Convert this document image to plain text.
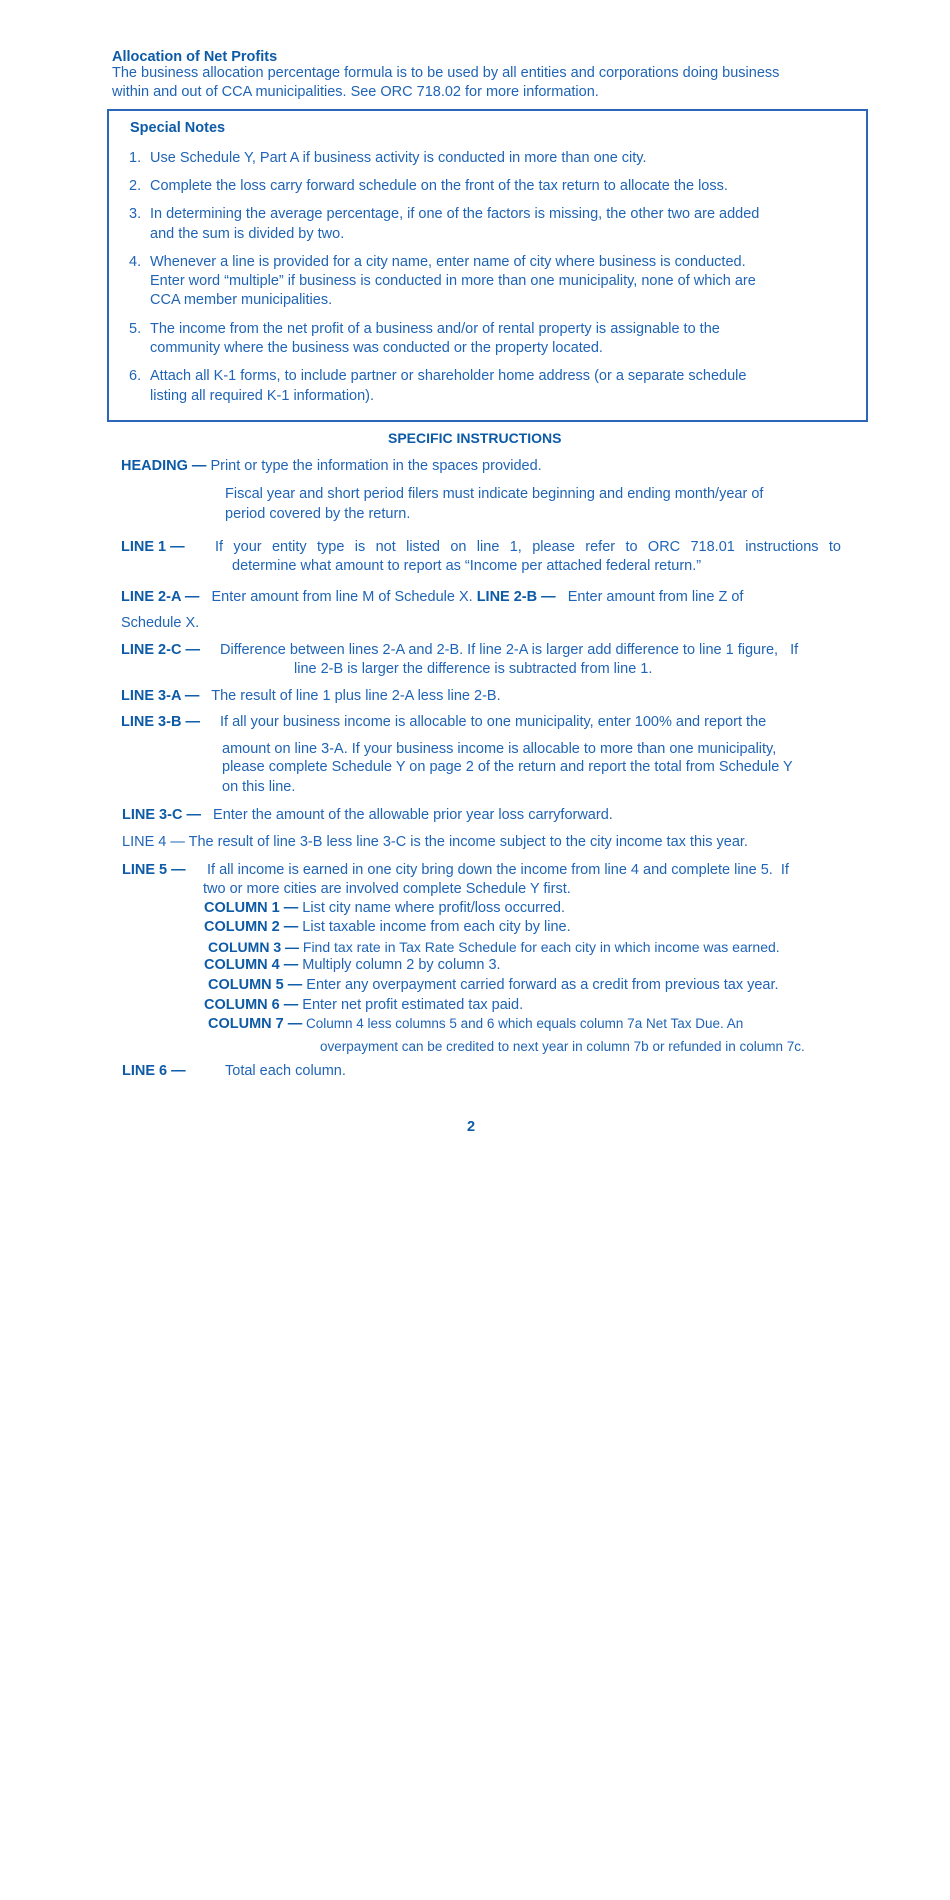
Allocation of Net Profits
The business allocation percentage formula is to be used by all entities and corporations doing business
within and out of CCA municipalities. See ORC 718.02 for more information.
Special Notes
1. Use Schedule Y, Part A if business activity is conducted in more than one city.
2. Complete the loss carry forward schedule on the front of the tax return to allocate the loss.
3. In determining the average percentage, if one of the factors is missing, the other two are added
and the sum is divided by two.
4. Whenever a line is provided for a city name, enter name of city where business is conducted.
Enter word “multiple” if business is conducted in more than one municipality, none of which are
CCA member municipalities.
5. The income from the net profit of a business and/or of rental property is assignable to the
community where the business was conducted or the property located.
6. Attach all K-1 forms, to include partner or shareholder home address (or a separate schedule
listing all required K-1 information).
SPECIFIC INSTRUCTIONS
HEADING — Print or type the information in the spaces provided.
Fiscal year and short period filers must indicate beginning and ending month/year of
period covered by the return.
LINE 1 — If your entity type is not listed on line 1, please refer to ORC 718.01 instructions to
determine what amount to report as “Income per attached federal return.”
LINE 2-A — Enter amount from line M of Schedule X. LINE 2-B — Enter amount from line Z of
Schedule X.
LINE 2-C — Difference between lines 2-A and 2-B. If line 2-A is larger add difference to line 1 figure,   If
line 2-B is larger the difference is subtracted from line 1.
LINE 3-A — The result of line 1 plus line 2-A less line 2-B.
LINE 3-B — If all your business income is allocable to one municipality, enter 100% and report the
amount on line 3-A. If your business income is allocable to more than one municipality,
please complete Schedule Y on page 2 of the return and report the total from Schedule Y
on this line.
LINE 3-C — Enter the amount of the allowable prior year loss carryforward.
LINE 4 — The result of line 3-B less line 3-C is the income subject to the city income tax this year.
LINE 5 — If all income is earned in one city bring down the income from line 4 and complete line 5.  If
two or more cities are involved complete Schedule Y first.
COLUMN 1 — List city name where profit/loss occurred.
COLUMN 2 — List taxable income from each city by line.
COLUMN 3 — Find tax rate in Tax Rate Schedule for each city in which income was earned.
COLUMN 4 — Multiply column 2 by column 3.
COLUMN 5 — Enter any overpayment carried forward as a credit from previous tax year.
COLUMN 6 — Enter net profit estimated tax paid.
COLUMN 7 — Column 4 less columns 5 and 6 which equals column 7a Net Tax Due. An
overpayment can be credited to next year in column 7b or refunded in column 7c.
LINE 6 —	Total each column.
2
